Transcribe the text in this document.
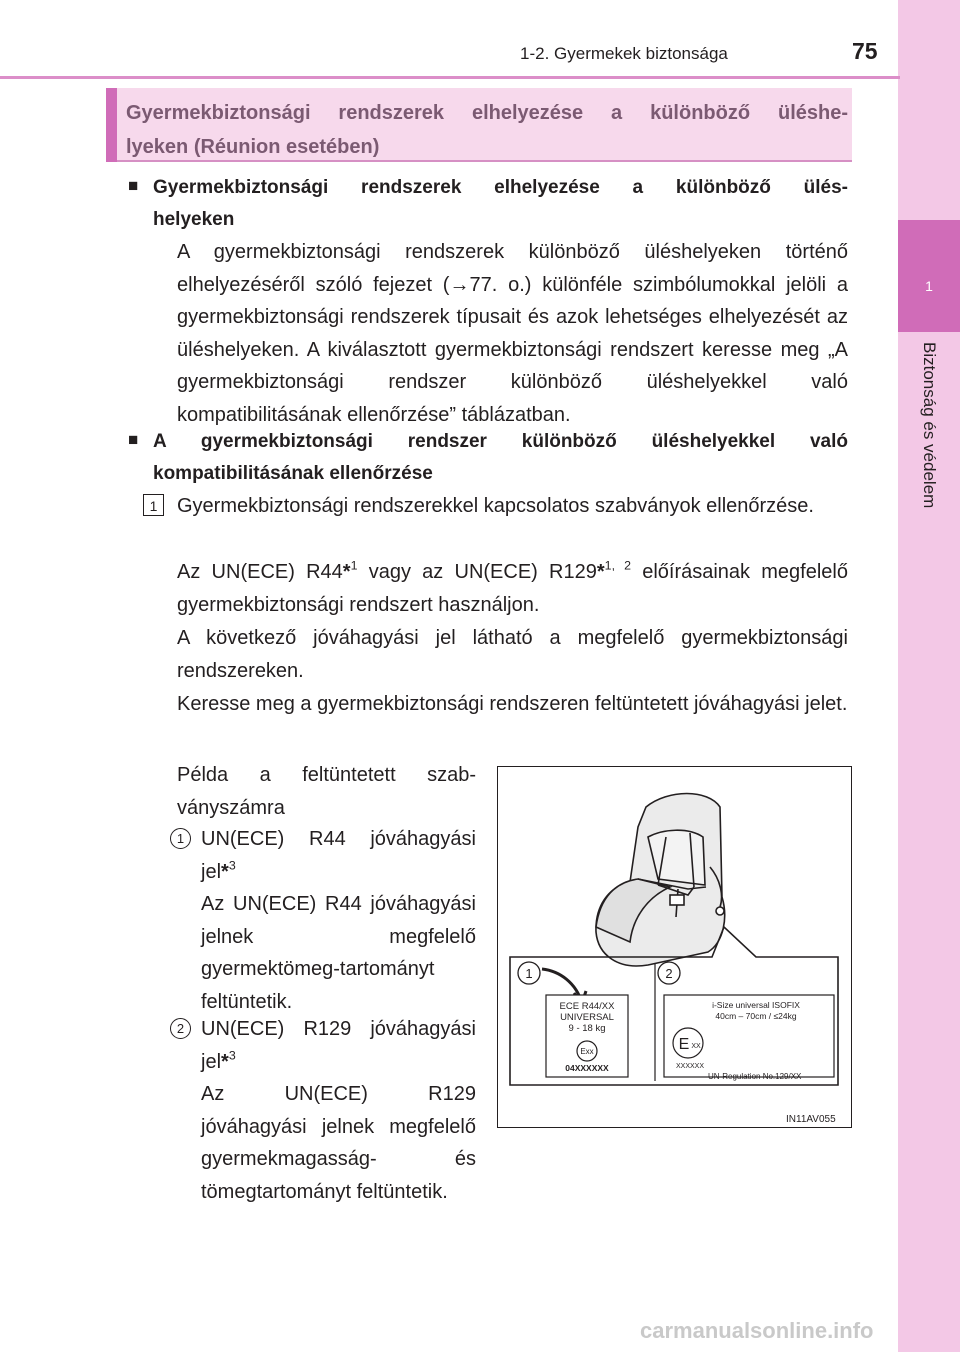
1
Biztonság és védelem
1-2. Gyermekek biztonsága	75
Gyermekbiztonsági rendszerek elhelyezése a különböző üléshe-
lyeken (Réunion esetében)
■ Gyermekbiztonsági rendszerek elhelyezése a különböző ülés-
helyeken
A gyermekbiztonsági rendszerek különböző üléshelyeken történő elhelyezéséről szóló fejezet (→77. o.) különféle szimbólumokkal jelöli a gyermekbiztonsági rendszerek típusait és azok lehetséges elhelyezését az üléshelyeken. A kiválasztott gyermekbiztonsági rendszert keresse meg „A gyermekbiztonsági rendszer különböző üléshelyekkel való kompatibilitásának ellenőrzése” táblázatban.
■ A gyermekbiztonsági rendszer különböző üléshelyekkel való
kompatibilitásának ellenőrzése
1 Gyermekbiztonsági rendszerekkel kapcsolatos szabványok ellenőrzése.
Az UN(ECE) R44*$^1$ vagy az UN(ECE) R129*$^{1, 2}$ előírásainak megfelelő gyermekbiztonsági rendszert használjon.
A következő jóváhagyási jel látható a megfelelő gyermekbiztonsági rendszereken.
Keresse meg a gyermekbiztonsági rendszeren feltüntetett jóváhagyási jelet.
Példa a feltüntetett szab-
ványszámra
1 UN(ECE) R44 jóváhagyási jel*$^3$
Az UN(ECE) R44 jóváhagyási jelnek megfelelő gyermektömeg-tartományt feltüntetik.
2 UN(ECE) R129 jóváhagyási jel*$^3$
Az UN(ECE) R129 jóváhagyási jelnek megfelelő gyermekmagasság- és tömegtartományt feltüntetik.
1	2
ECE R44/XX
UNIVERSAL
9 - 18 kg
Exx
04XXXXXX
i-Size universal ISOFIX
40cm – 70cm / ≤24kg
E XX
XXXXXX
UN-Regulation No.129/XX
IN11AV055
carmanualsonline.info
